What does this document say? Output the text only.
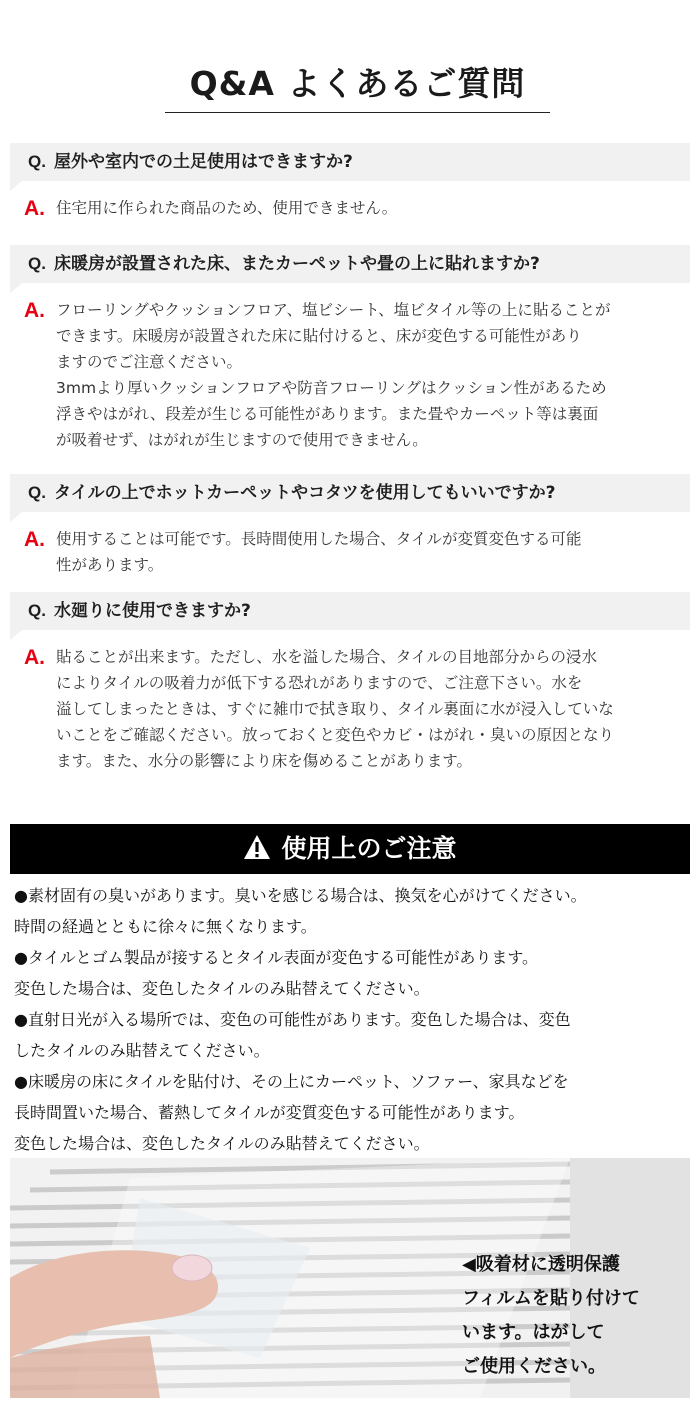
Q&A よくあるご質問
Q. 屋外や室内での土足使用はできますか?
A. 住宅用に作られた商品のため、使用できません。
Q. 床暖房が設置された床、またカーペットや畳の上に貼れますか?
A. フローリングやクッションフロア、塩ビシート、塩ビタイル等の上に貼ることが
できます。床暖房が設置された床に貼付けると、床が変色する可能性があり
ますのでご注意ください。
3mmより厚いクッションフロアや防音フローリングはクッション性があるため
浮きやはがれ、段差が生じる可能性があります。また畳やカーペット等は裏面
が吸着せず、はがれが生じますので使用できません。
Q. タイルの上でホットカーペットやコタツを使用してもいいですか?
A. 使用することは可能です。長時間使用した場合、タイルが変質変色する可能
性があります。
Q. 水廻りに使用できますか?
A. 貼ることが出来ます。ただし、水を溢した場合、タイルの目地部分からの浸水
によりタイルの吸着力が低下する恐れがありますので、ご注意下さい。水を
溢してしまったときは、すぐに雑巾で拭き取り、タイル裏面に水が浸入していな
いことをご確認ください。放っておくと変色やカビ・はがれ・臭いの原因となり
ます。また、水分の影響により床を傷めることがあります。
使用上のご注意
●素材固有の臭いがあります。臭いを感じる場合は、換気を心がけてください。
時間の経過とともに徐々に無くなります。
●タイルとゴム製品が接するとタイル表面が変色する可能性があります。
変色した場合は、変色したタイルのみ貼替えてください。
●直射日光が入る場所では、変色の可能性があります。変色した場合は、変色
したタイルのみ貼替えてください。
●床暖房の床にタイルを貼付け、その上にカーペット、ソファー、家具などを
長時間置いた場合、蓄熱してタイルが変質変色する可能性があります。
変色した場合は、変色したタイルのみ貼替えてください。
◀吸着材に透明保護
フィルムを貼り付けて
います。はがして
ご使用ください。
